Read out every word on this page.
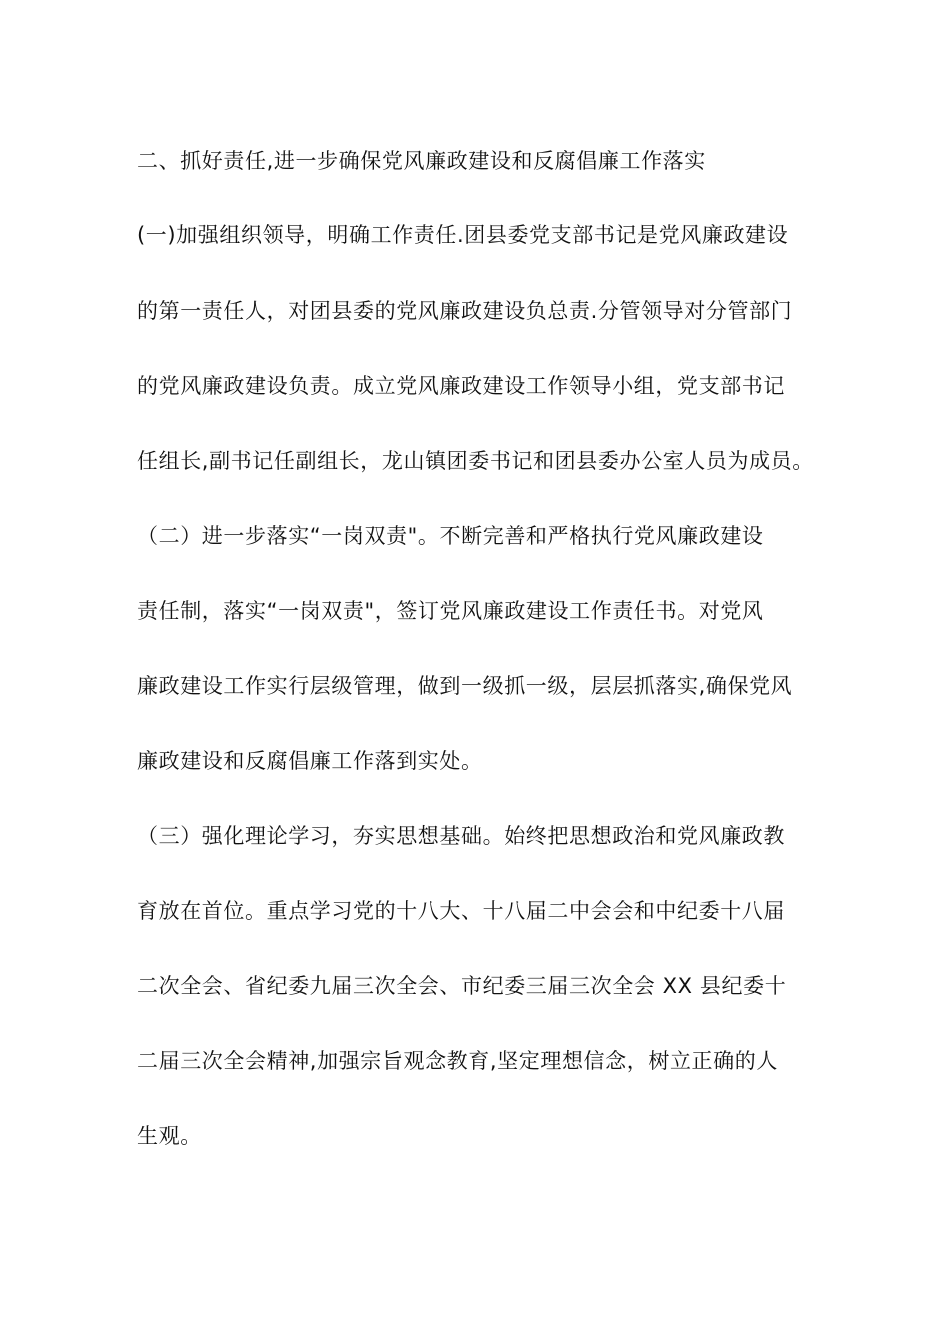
二、抓好责任,进一步确保党风廉政建设和反腐倡廉工作落实
(一)加强组织领导，明确工作责任.团县委党支部书记是党风廉政建设
的第一责任人，对团县委的党风廉政建设负总责.分管领导对分管部门
的党风廉政建设负责。成立党风廉政建设工作领导小组，党支部书记
任组长,副书记任副组长，龙山镇团委书记和团县委办公室人员为成员。
（二）进一步落实“一岗双责"。不断完善和严格执行党风廉政建设
责任制，落实“一岗双责"，签订党风廉政建设工作责任书。对党风
廉政建设工作实行层级管理，做到一级抓一级，层层抓落实,确保党风
廉政建设和反腐倡廉工作落到实处。
（三）强化理论学习，夯实思想基础。始终把思想政治和党风廉政教
育放在首位。重点学习党的十八大、十八届二中会会和中纪委十八届
二次全会、省纪委九届三次全会、市纪委三届三次全会 XX 县纪委十
二届三次全会精神,加强宗旨观念教育,坚定理想信念，树立正确的人
生观。
